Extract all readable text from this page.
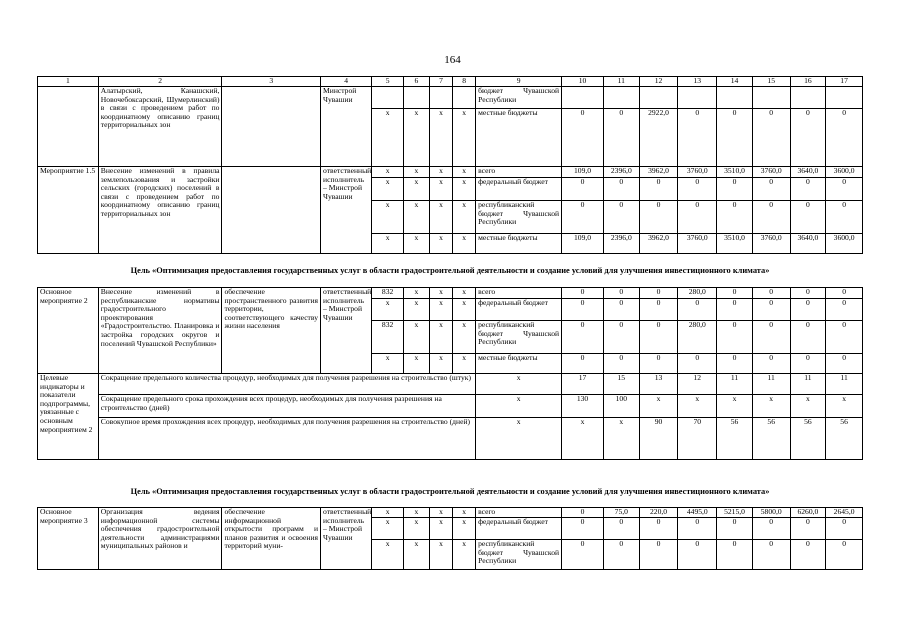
164
1	2	3	4	5	6	7	8	9	10	11	12	13	14	15	16	17
	Алатырский, Канашский, Новочебоксарский, Шумерлинский) в связи с проведением работ по координатному описанию границ территориальных зон		Минстрой Чувашии					бюджет Чувашской Республики								
				x	x	x	x	местные бюджеты	0	0	2922,0	0	0	0	0	0
Мероприятие 1.5	Внесение изменений в правила землепользования и застройки сельских (городских) поселений в связи с проведением работ по координатному описанию границ территориальных зон		ответственный исполнитель – Минстрой Чувашии	x	x	x	x	всего	109,0	2396,0	3962,0	3760,0	3510,0	3760,0	3640,0	3600,0
				x	x	x	x	федеральный бюджет	0	0	0	0	0	0	0	0
				x	x	x	x	республиканский бюджет Чувашской Республики	0	0	0	0	0	0	0	0
				x	x	x	x	местные бюджеты	109,0	2396,0	3962,0	3760,0	3510,0	3760,0	3640,0	3600,0
Цель «Оптимизация предоставления государственных услуг в области градостроительной деятельности и создание условий для улучшения инвестиционного климата»
Основное мероприятие 2	Внесение изменений в республиканские нормативы градостроительного проектирования «Градостроительство. Планировка и застройка городских округов и поселений Чувашской Республики»	обеспечение пространственного развития территории, соответствующего качеству жизни населения	ответственный исполнитель – Минстрой Чувашии	832	x	x	x	всего	0	0	0	280,0	0	0	0	0
				x	x	x	x	федеральный бюджет	0	0	0	0	0	0	0	0
				832	x	x	x	республиканский бюджет Чувашской Республики	0	0	0	280,0	0	0	0	0
				x	x	x	x	местные бюджеты	0	0	0	0	0	0	0	0
Целевые индикаторы и показатели подпрограммы, увязанные с основным мероприятием 2	Сокращение предельного количества процедур, необходимых для получения разрешения на строительство (штук)							x	17	15	13	12	11	11	11	11
	Сокращение предельного срока прохождения всех процедур, необходимых для получения разрешения на строительство (дней)							x	130	100	x	x	x	x	x	x
	Совокупное время прохождения всех процедур, необходимых для получения разрешения на строительство (дней)							x	x	x	90	70	56	56	56	56
Цель «Оптимизация предоставления государственных услуг в области градостроительной деятельности и создание условий для улучшения инвестиционного климата»
Основное мероприятие 3	Организация ведения информационной системы обеспечения градостроительной деятельности администрациями муниципальных районов и	обеспечение информационной открытости программ и планов развития и освоения территорий муни-	ответственный исполнитель – Минстрой Чувашии	x	x	x	x	всего	0	75,0	220,0	4495,0	5215,0	5800,0	6260,0	2645,0
				x	x	x	x	федеральный бюджет	0	0	0	0	0	0	0	0
				x	x	x	x	республиканский бюджет Чувашской Республики	0	0	0	0	0	0	0	0
